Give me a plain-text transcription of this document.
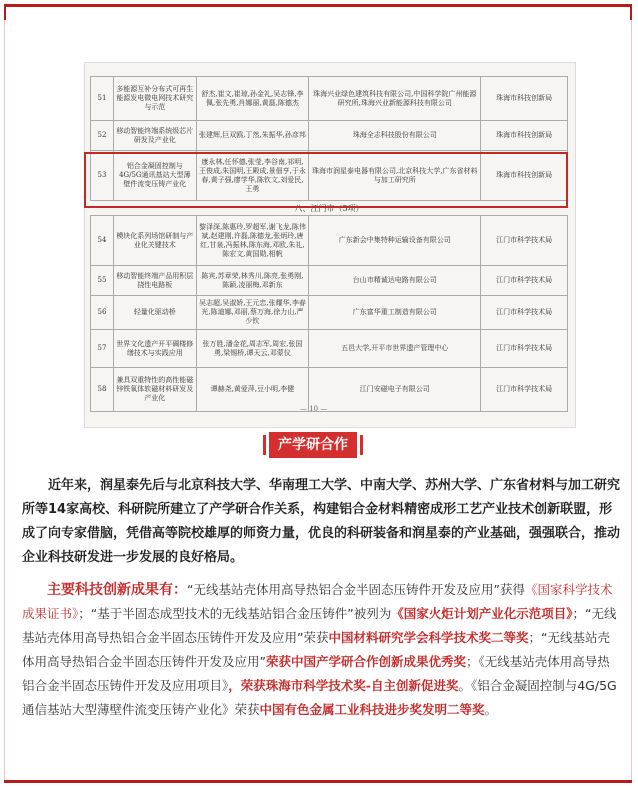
51	多能源互补分布式可再生能源发电微电网技术研究与示范	舒杰,崔文,崔琼,孙金礼,吴志锋,李佩,张先勇,肖娜丽,黄磊,陈德杰	珠海兴业绿色建筑科技有限公司,中国科学院广州能源研究所,珠海兴业新能源科技有限公司	珠海市科技创新局
52	移动智能终端系统级芯片研发及产业化	张建辉,巨双鸥,丁然,朱振华,孙彦邦	珠海全志科技股份有限公司	珠海市科技创新局
53	铝合金凝固控制与4G/5G通讯基站大型薄壁件流变压铸产业化	康永林,任怀德,张莹,李谷南,祁明,王俊成,朱国明,王殿成,景佃亨,于永春,黄子强,廖学华,陈钦文,刘爱民,王勇	珠海市润星泰电器有限公司,北京科技大学,广东省材料与加工研究所	珠海市科技创新局
八、江门市（5项）				
54	模块化系列场馆研制与产业化关键技术	黎泽深,陈惠玲,罗超军,谢飞龙,陈伟斌,赵建刚,许磊,陈德龙,张炳玲,唐红,甘泉,冯振林,陈东海,邓欧,朱礼,陈宏文,黄国勋,相帆	广东新会中集特种运输设备有限公司	江门市科学技术局
55	移动智能终端产品用积层挠性电路板	陈宾,苏章荣,林秀川,陈亮,张勇刚,陈颖,凌丽梅,邓新东	台山市精诚达电路有限公司	江门市科学技术局
56	轻量化驱动桥	吴志超,吴淑娇,王元忠,张耀华,李春光,陈迪娜,邓丽,蔡万海,徐力山,严少钦	广东富华重工制造有限公司	江门市科学技术局
57	世界文化遗产开平碉楼修缮技术与实践应用	张万胜,潘金花,周志军,周宏,张国勇,梁锡桥,谭天云,邓蒙仪	五邑大学,开平市世界遗产管理中心	江门市科学技术局
58	兼具双重特性的高性能磁锌铁氧体软磁材料研发及产业化	谭赫尧,黄爱萍,豆小明,李健	江门安磁电子有限公司	江门市科学技术局
— 10 —
产学研合作
近年来，润星泰先后与北京科技大学、华南理工大学、中南大学、苏州大学、广东省材料与加工研究所等14家高校、科研院所建立了产学研合作关系，构建铝合金材料精密成形工艺产业技术创新联盟，形成了向专家借脑，凭借高等院校雄厚的师资力量，优良的科研装备和润星泰的产业基础，强强联合，推动企业科技研发进一步发展的良好格局。
主要科技创新成果有：“无线基站壳体用高导热铝合金半固态压铸件开发及应用”获得《国家科学技术成果证书》；“基于半固态成型技术的无线基站铝合金压铸件”被列为《国家火炬计划产业化示范项目》；“无线基站壳体用高导热铝合金半固态压铸件开发及应用”荣获中国材料研究学会科学技术奖二等奖；“无线基站壳体用高导热铝合金半固态压铸件开发及应用”荣获中国产学研合作创新成果优秀奖；《无线基站壳体用高导热铝合金半固态压铸件开发及应用项目》，荣获珠海市科学技术奖-自主创新促进奖。《铝合金凝固控制与4G/5G通信基站大型薄壁件流变压铸产业化》荣获中国有色金属工业科技进步奖发明二等奖。
